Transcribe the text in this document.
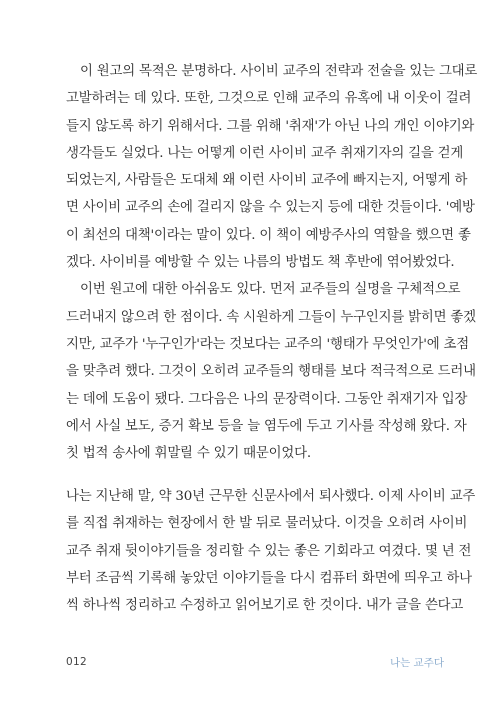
이 원고의 목적은 분명하다. 사이비 교주의 전략과 전술을 있는 그대로
고발하려는 데 있다. 또한, 그것으로 인해 교주의 유혹에 내 이웃이 걸려
들지 않도록 하기 위해서다. 그를 위해 '취재'가 아닌 나의 개인 이야기와
생각들도 실었다. 나는 어떻게 이런 사이비 교주 취재기자의 길을 걷게
되었는지, 사람들은 도대체 왜 이런 사이비 교주에 빠지는지, 어떻게 하
면 사이비 교주의 손에 걸리지 않을 수 있는지 등에 대한 것들이다. '예방
이 최선의 대책'이라는 말이 있다. 이 책이 예방주사의 역할을 했으면 좋
겠다. 사이비를 예방할 수 있는 나름의 방법도 책 후반에 엮어봤었다.
이번 원고에 대한 아쉬움도 있다. 먼저 교주들의 실명을 구체적으로
드러내지 않으려 한 점이다. 속 시원하게 그들이 누구인지를 밝히면 좋겠
지만, 교주가 '누구인가'라는 것보다는 교주의 '행태가 무엇인가'에 초점
을 맞추려 했다. 그것이 오히려 교주들의 행태를 보다 적극적으로 드러내
는 데에 도움이 됐다. 그다음은 나의 문장력이다. 그동안 취재기자 입장
에서 사실 보도, 증거 확보 등을 늘 염두에 두고 기사를 작성해 왔다. 자
칫 법적 송사에 휘말릴 수 있기 때문이었다.
나는 지난해 말, 약 30년 근무한 신문사에서 퇴사했다. 이제 사이비 교주
를 직접 취재하는 현장에서 한 발 뒤로 물러났다. 이것을 오히려 사이비
교주 취재 뒷이야기들을 정리할 수 있는 좋은 기회라고 여겼다. 몇 년 전
부터 조금씩 기록해 놓았던 이야기들을 다시 컴퓨터 화면에 띄우고 하나
씩 하나씩 정리하고 수정하고 읽어보기로 한 것이다. 내가 글을 쓴다고
012	나는 교주다
